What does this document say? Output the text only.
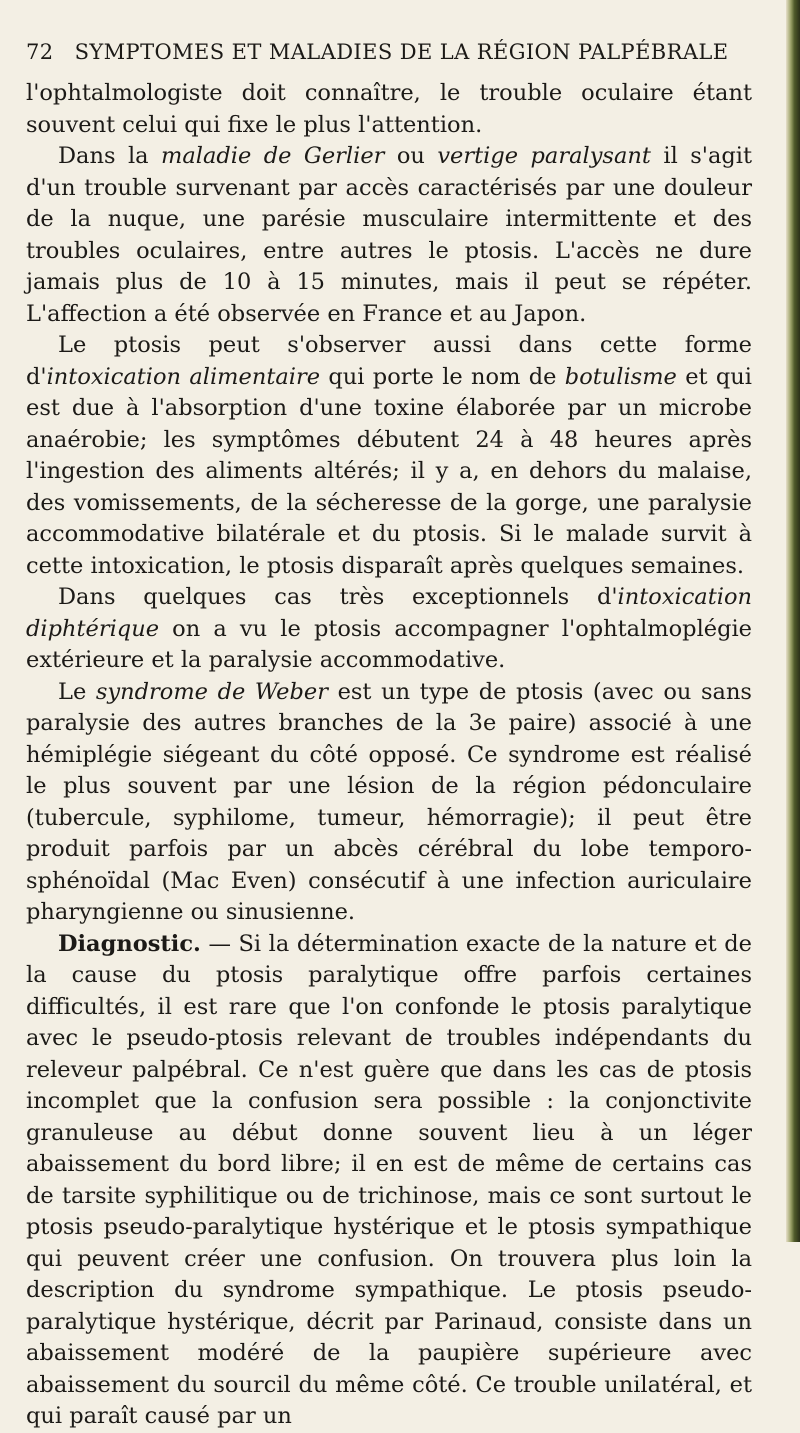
72 SYMPTOMES ET MALADIES DE LA RÉGION PALPÉBRALE

l'ophtalmologiste doit connaître, le trouble oculaire étant souvent celui qui fixe le plus l'attention.

Dans la maladie de Gerlier ou vertige paralysant il s'agit d'un trouble survenant par accès caractérisés par une douleur de la nuque, une parésie musculaire intermittente et des troubles oculaires, entre autres le ptosis. L'accès ne dure jamais plus de 10 à 15 minutes, mais il peut se répéter. L'affection a été observée en France et au Japon.

Le ptosis peut s'observer aussi dans cette forme d'intoxication alimentaire qui porte le nom de botulisme et qui est due à l'absorption d'une toxine élaborée par un microbe anaérobie; les symptômes débutent 24 à 48 heures après l'ingestion des aliments altérés; il y a, en dehors du malaise, des vomissements, de la sécheresse de la gorge, une paralysie accommodative bilatérale et du ptosis. Si le malade survit à cette intoxication, le ptosis disparaît après quelques semaines.

Dans quelques cas très exceptionnels d'intoxication diphtérique on a vu le ptosis accompagner l'ophtalmoplégie extérieure et la paralysie accommodative.

Le syndrome de Weber est un type de ptosis (avec ou sans paralysie des autres branches de la 3e paire) associé à une hémiplégie siégeant du côté opposé. Ce syndrome est réalisé le plus souvent par une lésion de la région pédonculaire (tubercule, syphilome, tumeur, hémorragie); il peut être produit parfois par un abcès cérébral du lobe temporo-sphénoïdal (Mac Even) consécutif à une infection auriculaire pharyngienne ou sinusienne.

Diagnostic. — Si la détermination exacte de la nature et de la cause du ptosis paralytique offre parfois certaines difficultés, il est rare que l'on confonde le ptosis paralytique avec le pseudo-ptosis relevant de troubles indépendants du releveur palpébral. Ce n'est guère que dans les cas de ptosis incomplet que la confusion sera possible : la conjonctivite granuleuse au début donne souvent lieu à un léger abaissement du bord libre; il en est de même de certains cas de tarsite syphilitique ou de trichinose, mais ce sont surtout le ptosis pseudo-paralytique hystérique et le ptosis sympathique qui peuvent créer une confusion. On trouvera plus loin la description du syndrome sympathique. Le ptosis pseudo-paralytique hystérique, décrit par Parinaud, consiste dans un abaissement modéré de la paupière supérieure avec abaissement du sourcil du même côté. Ce trouble unilatéral, et qui paraît causé par un
